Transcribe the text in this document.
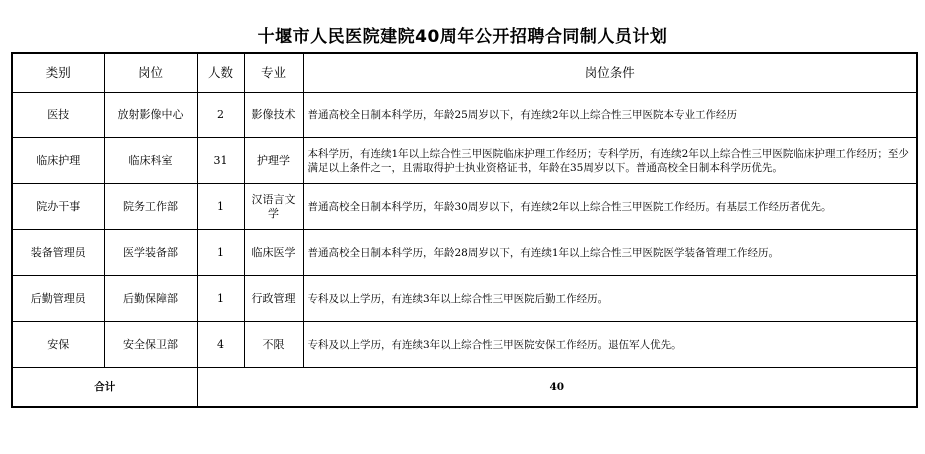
十堰市人民医院建院40周年公开招聘合同制人员计划
类别	岗位	人数	专业	岗位条件
医技	放射影像中心	2	影像技术	普通高校全日制本科学历，年龄25周岁以下，有连续2年以上综合性三甲医院本专业工作经历
临床护理	临床科室	31	护理学	本科学历，有连续1年以上综合性三甲医院临床护理工作经历；专科学历，有连续2年以上综合性三甲医院临床护理工作经历；至少满足以上条件之一，且需取得护士执业资格证书，年龄在35周岁以下。普通高校全日制本科学历优先。
院办干事	院务工作部	1	汉语言文学	普通高校全日制本科学历，年龄30周岁以下，有连续2年以上综合性三甲医院工作经历。有基层工作经历者优先。
装备管理员	医学装备部	1	临床医学	普通高校全日制本科学历，年龄28周岁以下，有连续1年以上综合性三甲医院医学装备管理工作经历。
后勤管理员	后勤保障部	1	行政管理	专科及以上学历，有连续3年以上综合性三甲医院后勤工作经历。
安保	安全保卫部	4	不限	专科及以上学历，有连续3年以上综合性三甲医院安保工作经历。退伍军人优先。
合计		40		
